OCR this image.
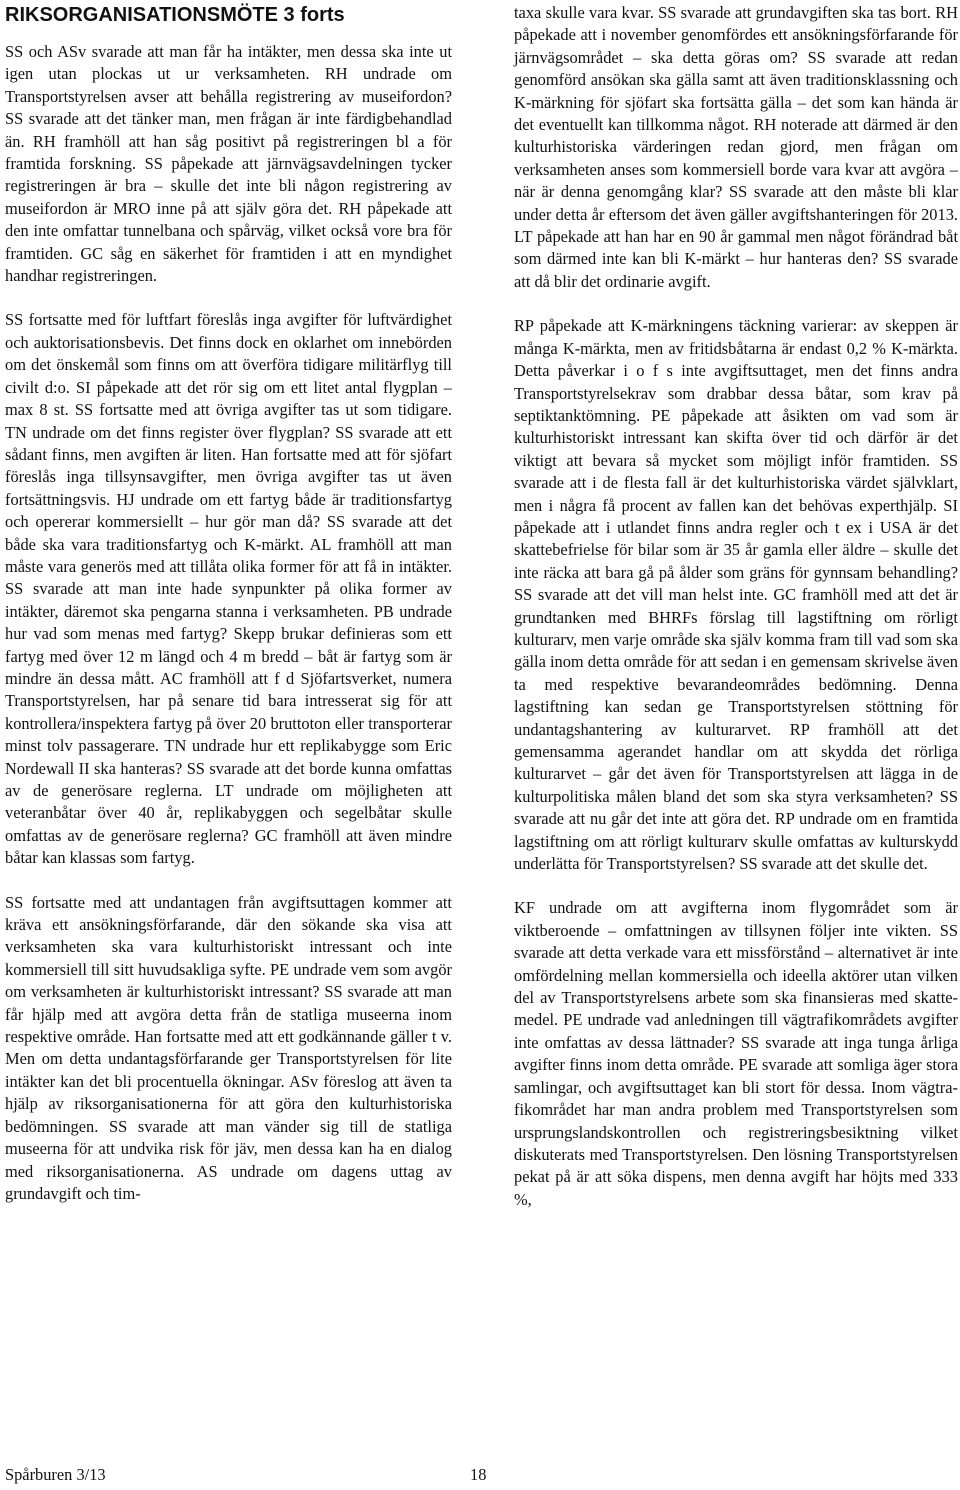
RIKSORGANISATIONSMÖTE 3 forts

SS och ASv svarade att man får ha intäkter, men dessa ska inte ut igen utan plockas ut ur verksamheten. RH undrade om Transportstyrelsen avser att behålla registrering av museifordon? SS svarade att det tänker man, men frågan är inte färdigbehandlad än. RH framhöll att han såg positivt på registreringen bl a för framtida forskning. SS påpekade att järnvägsavdelningen tycker registreringen är bra – skulle det inte bli någon registrering av museifordon är MRO inne på att själv göra det. RH påpekade att den inte omfattar tunnelbana och spårväg, vilket också vore bra för framtiden. GC såg en säkerhet för framtiden i att en myndighet handhar registreringen.

SS fortsatte med för luftfart föreslås inga avgifter för luftvärdighet och auktorisationsbevis. Det finns dock en oklarhet om innebörden om det önskemål som finns om att överföra tidigare militärflyg till civilt d:o. SI påpekade att det rör sig om ett litet antal flygplan – max 8 st. SS fortsatte med att övriga avgifter tas ut som tidigare. TN undrade om det finns register över flygplan? SS svarade att ett sådant finns, men avgiften är liten. Han fortsatte med att för sjöfart föreslås inga tillsynsavgifter, men övriga avgifter tas ut även fortsättningsvis. HJ undrade om ett fartyg både är traditionsfartyg och opererar kommersiellt – hur gör man då? SS svarade att det både ska vara traditionsfartyg och K-märkt. AL framhöll att man måste vara generös med att tillåta olika former för att få in intäkter. SS svarade att man inte hade synpunkter på olika former av intäkter, däremot ska pengarna stanna i verksamheten. PB undrade hur vad som menas med fartyg? Skepp brukar definieras som ett fartyg med över 12 m längd och 4 m bredd – båt är fartyg som är mindre än dessa mått. AC framhöll att f d Sjöfartsverket, numera Transportstyrelsen, har på senare tid bara intresserat sig för att kontrollera/inspektera fartyg på över 20 bruttoton eller transporterar minst tolv passagerare. TN undrade hur ett replikabygge som Eric Nordewall II ska hanteras? SS svarade att det borde kunna omfattas av de generösare reglerna. LT undrade om möjligheten att veteranbåtar över 40 år, replikabyggen och segelbåtar skulle omfattas av de generösare reglerna? GC framhöll att även mindre båtar kan klassas som fartyg.

SS fortsatte med att undantagen från avgiftsuttagen kommer att kräva ett ansökningsförfarande, där den sökande ska visa att verksamheten ska vara kulturhistoriskt intressant och inte kommersiell till sitt huvudsakliga syfte. PE undrade vem som avgör om verksamheten är kulturhistoriskt intressant? SS svarade att man får hjälp med att avgöra detta från de statliga museerna inom respektive område. Han fortsatte med att ett godkännande gäller t v. Men om detta undantagsförfarande ger Transportstyrelsen för lite intäkter kan det bli procentuella ökningar. ASv föreslog att även ta hjälp av riksorganisationerna för att göra den kulturhistoriska bedömningen. SS svarade att man vänder sig till de statliga museerna för att undvika risk för jäv, men dessa kan ha en dialog med riksorganisationerna. AS undrade om dagens uttag av grundavgift och tim-

taxa skulle vara kvar. SS svarade att grundavgiften ska tas bort. RH påpekade att i november genomfördes ett ansökningsförfarande för järnvägsområdet – ska detta göras om? SS svarade att redan genomförd ansökan ska gälla samt att även traditionsklassning och K-märkning för sjöfart ska fortsätta gälla – det som kan hända är det eventuellt kan tillkomma något. RH noterade att därmed är den kulturhistoriska värderingen redan gjord, men frågan om verksamheten anses som kommersiell borde vara kvar att avgöra – när är denna genomgång klar? SS svarade att den måste bli klar under detta år eftersom det även gäller avgiftshanteringen för 2013. LT påpekade att han har en 90 år gammal men något förändrad båt som därmed inte kan bli K-märkt – hur hanteras den? SS svarade att då blir det ordinarie avgift.

RP påpekade att K-märkningens täckning varierar: av skeppen är många K-märkta, men av fritidsbåtarna är endast 0,2 % K-märkta. Detta påverkar i o f s inte avgiftsuttaget, men det finns andra Transportstyrelsekrav som drabbar dessa båtar, som krav på septiktanktömning. PE påpekade att åsikten om vad som är kulturhistoriskt intressant kan skifta över tid och därför är det viktigt att bevara så mycket som möjligt inför framtiden. SS svarade att i de flesta fall är det kulturhistoriska värdet självklart, men i några få procent av fallen kan det behövas experthjälp. SI påpekade att i utlandet finns andra regler och t ex i USA är det skattebefrielse för bilar som är 35 år gamla eller äldre – skulle det inte räcka att bara gå på ålder som gräns för gynnsam behandling? SS svarade att det vill man helst inte. GC framhöll med att det är grundtanken med BHRFs förslag till lagstiftning om rörligt kulturarv, men varje område ska själv komma fram till vad som ska gälla inom detta område för att sedan i en gemensam skrivelse även ta med respektive bevarandeområdes bedömning. Denna lagstiftning kan sedan ge Transportstyrelsen stöttning för undantagshantering av kulturarvet. RP framhöll att det gemensamma agerandet handlar om att skydda det rörliga kulturarvet – går det även för Transportstyrelsen att lägga in de kulturpolitiska målen bland det som ska styra verksamheten? SS svarade att nu går det inte att göra det. RP undrade om en framtida lagstiftning om att rörligt kulturarv skulle omfattas av kulturskydd underlätta för Transportstyrelsen? SS svarade att det skulle det.

KF undrade om att avgifterna inom flygområdet som är viktberoende – omfattningen av tillsynen följer inte vikten. SS svarade att detta verkade vara ett missförstånd – alternativet är inte omfördelning mellan kommersiella och ideella aktörer utan vilken del av Transportstyrelsens arbete som ska finansieras med skattemedel. PE undrade vad anledningen till vägtrafikområdets avgifter inte omfattas av dessa lättnader? SS svarade att inga tunga årliga avgifter finns inom detta område. PE svarade att somliga äger stora samlingar, och avgiftsuttaget kan bli stort för dessa. Inom vägtrafikområdet har man andra problem med Transportstyrelsen som ursprungslandskontrollen och registreringsbesiktning vilket diskuterats med Transportstyrelsen. Den lösning Transportstyrelsen pekat på är att söka dispens, men denna avgift har höjts med 333 %,

Spårburen 3/13	18
